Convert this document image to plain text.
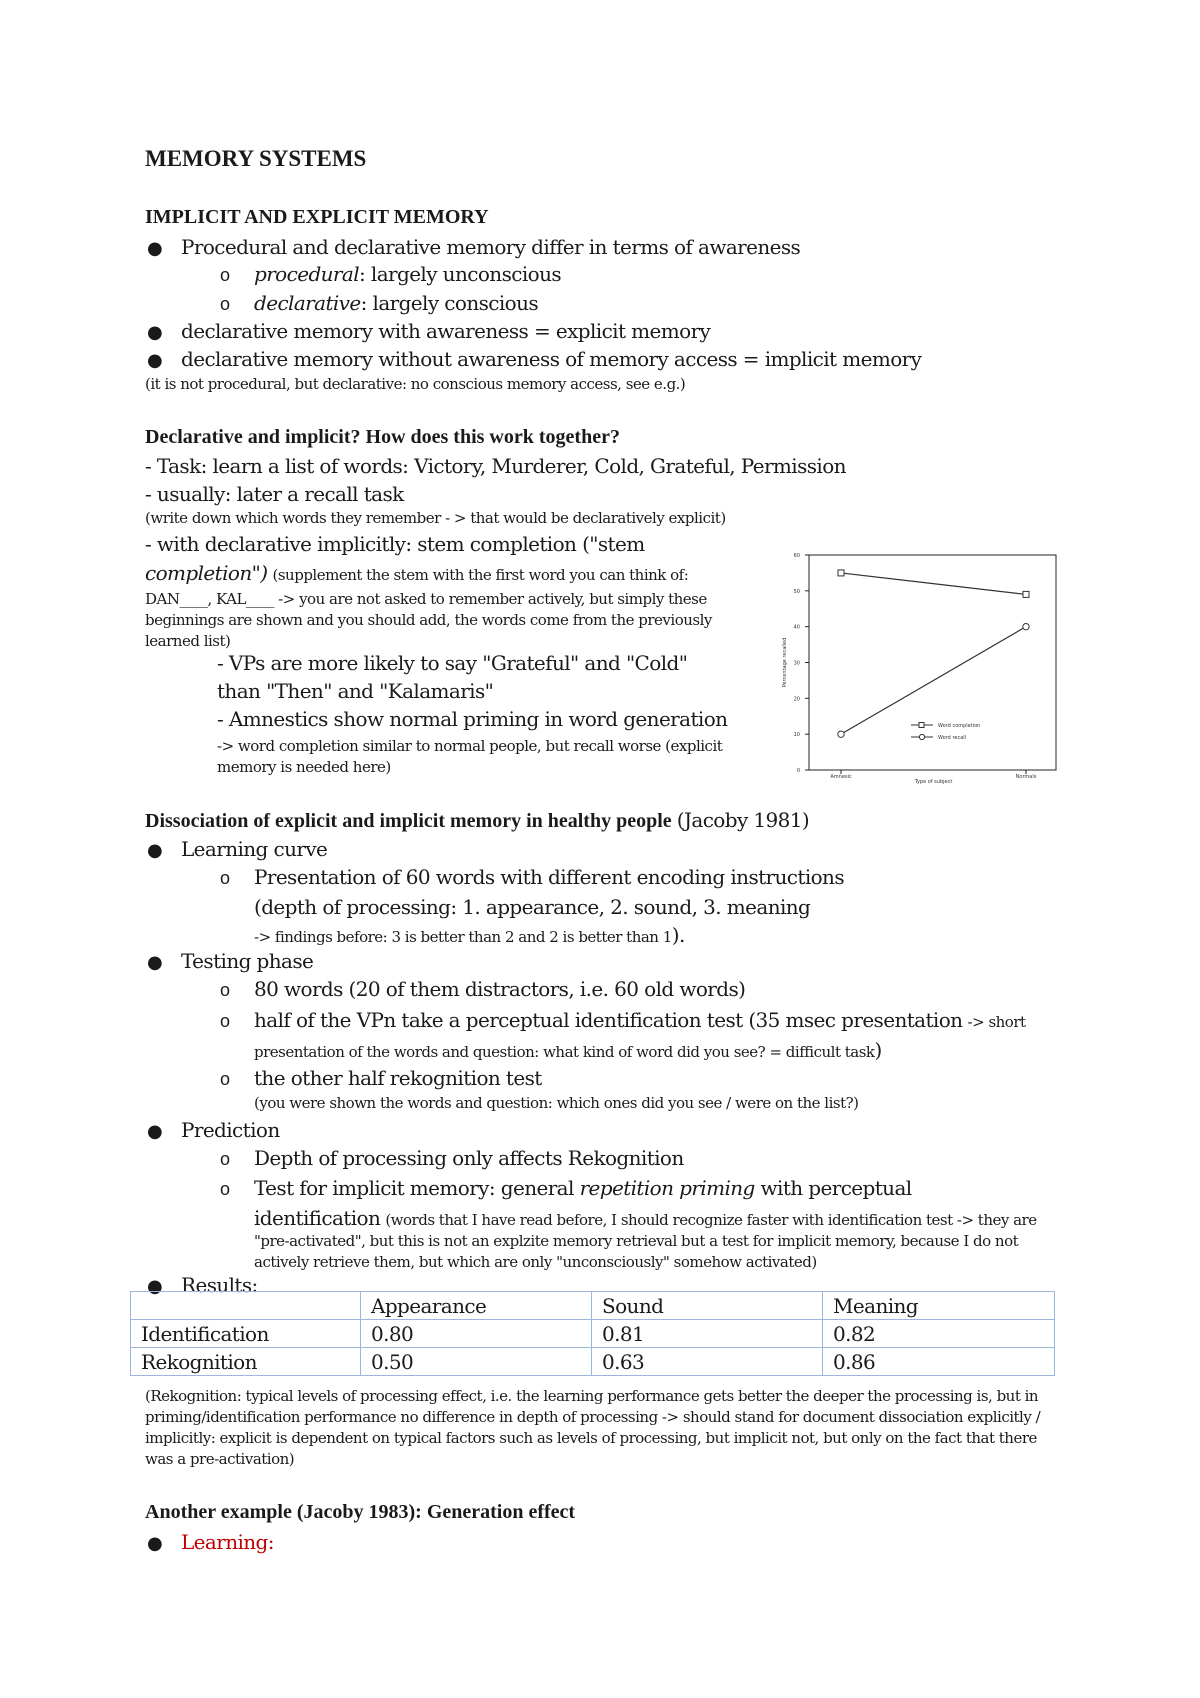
MEMORY SYSTEMS
IMPLICIT AND EXPLICIT MEMORY
● Procedural and declarative memory differ in terms of awareness
o procedural: largely unconscious
o declarative: largely conscious
● declarative memory with awareness = explicit memory
● declarative memory without awareness of memory access = implicit memory
(it is not procedural, but declarative: no conscious memory access, see e.g.)
Declarative and implicit? How does this work together?
- Task: learn a list of words: Victory, Murderer, Cold, Grateful, Permission
- usually: later a recall task
(write down which words they remember - > that would be declaratively explicit)
- with declarative implicitly: stem completion ("stem
completion") (supplement the stem with the first word you can think of:
DAN____, KAL____ -> you are not asked to remember actively, but simply these
beginnings are shown and you should add, the words come from the previously
learned list)
- VPs are more likely to say "Grateful" and "Cold"
than "Then" and "Kalamaris"
- Amnestics show normal priming in word generation
-> word completion similar to normal people, but recall worse (explicit
memory is needed here)	0
10
20
30
40
50
60
Amnesic	Normals
Type of subject
Percentage recalled
Word completion
Word recall
Dissociation of explicit and implicit memory in healthy people (Jacoby 1981)
● Learning curve
o Presentation of 60 words with different encoding instructions
(depth of processing: 1. appearance, 2. sound, 3. meaning
-> findings before: 3 is better than 2 and 2 is better than 1).
● Testing phase
o 80 words (20 of them distractors, i.e. 60 old words)
o half of the VPn take a perceptual identification test (35 msec presentation -> short
presentation of the words and question: what kind of word did you see? = difficult task)
o the other half rekognition test
(you were shown the words and question: which ones did you see / were on the list?)
● Prediction
o Depth of processing only affects Rekognition
o Test for implicit memory: general repetition priming with perceptual
identification (words that I have read before, I should recognize faster with identification test -> they are
"pre-activated", but this is not an explzite memory retrieval but a test for implicit memory, because I do not
actively retrieve them, but which are only "unconsciously" somehow activated)
● Results:
	Appearance	Sound	Meaning
Identification	0.80	0.81	0.82
Rekognition	0.50	0.63	0.86
(Rekognition: typical levels of processing effect, i.e. the learning performance gets better the deeper the processing is, but in
priming/identification performance no difference in depth of processing -> should stand for document dissociation explicitly /
implicitly: explicit is dependent on typical factors such as levels of processing, but implicit not, but only on the fact that there
was a pre-activation)
Another example (Jacoby 1983): Generation effect
● Learning:
